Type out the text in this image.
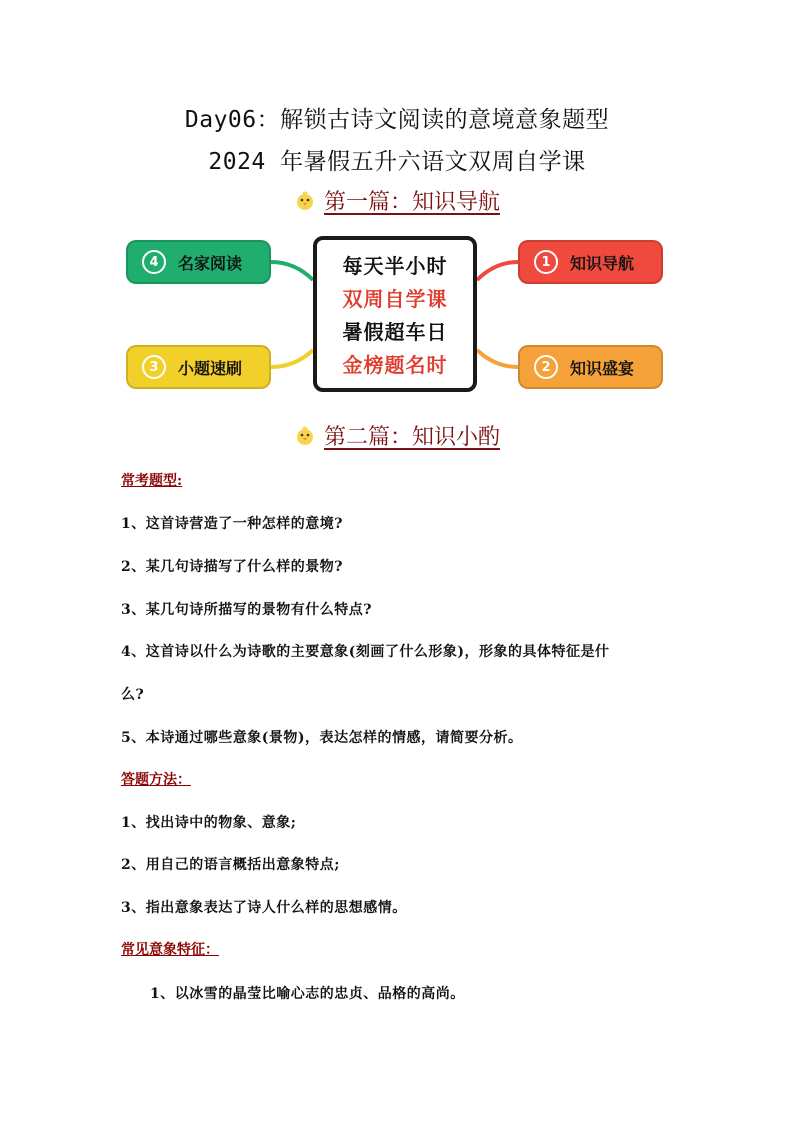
Day06：解锁古诗文阅读的意境意象题型
2024 年暑假五升六语文双周自学课
第一篇：知识导航
4	名家阅读	1	知识导航
3	小题速刷	2	知识盛宴
每天半小时
双周自学课
暑假超车日
金榜题名时
第二篇：知识小酌
常考题型:
1、这首诗营造了一种怎样的意境?
2、某几句诗描写了什么样的景物?
3、某几句诗所描写的景物有什么特点?
4、这首诗以什么为诗歌的主要意象(刻画了什么形象)，形象的具体特征是什
么?
5、本诗通过哪些意象(景物)，表达怎样的情感，请简要分析。
答题方法：
1、找出诗中的物象、意象;
2、用自己的语言概括出意象特点;
3、指出意象表达了诗人什么样的思想感情。
常见意象特征：
1、以冰雪的晶莹比喻心志的忠贞、品格的高尚。
